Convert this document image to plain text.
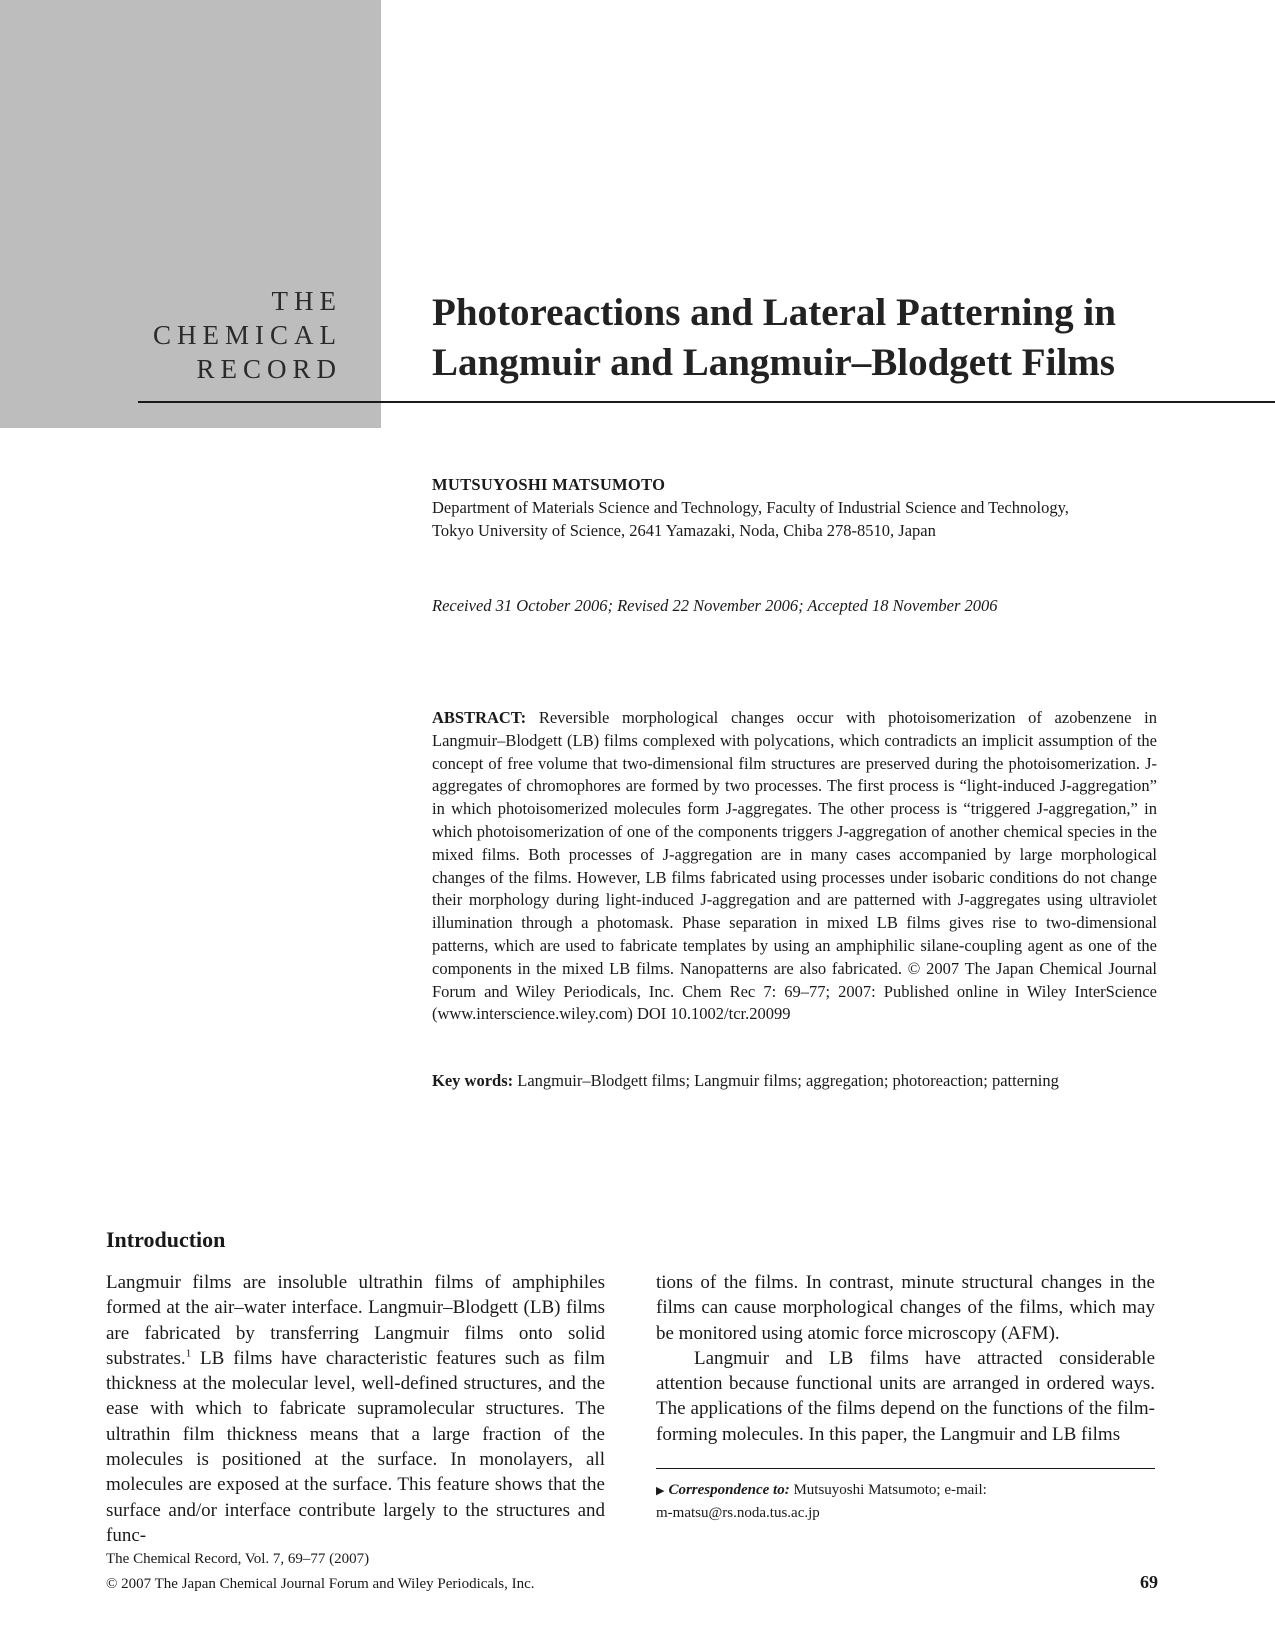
THE
CHEMICAL
RECORD
Photoreactions and Lateral Patterning in
Langmuir and Langmuir–Blodgett Films
MUTSUYOSHI MATSUMOTO
Department of Materials Science and Technology, Faculty of Industrial Science and Technology,
Tokyo University of Science, 2641 Yamazaki, Noda, Chiba 278-8510, Japan
Received 31 October 2006; Revised 22 November 2006; Accepted 18 November 2006

ABSTRACT: Reversible morphological changes occur with photoisomerization of azobenzene in Langmuir–Blodgett (LB) films complexed with polycations, which contradicts an implicit assumption of the concept of free volume that two-dimensional film structures are preserved during the photoisomerization. J-aggregates of chromophores are formed by two processes. The first process is “light-induced J-aggregation” in which photoisomerized molecules form J-aggregates. The other process is “triggered J-aggregation,” in which photoisomerization of one of the components triggers J-aggregation of another chemical species in the mixed films. Both processes of J-aggregation are in many cases accompanied by large morphological changes of the films. However, LB films fabricated using processes under isobaric conditions do not change their morphology during light-induced J-aggregation and are patterned with J-aggregates using ultraviolet illumination through a photomask. Phase separation in mixed LB films gives rise to two-dimensional patterns, which are used to fabricate templates by using an amphiphilic silane-coupling agent as one of the components in the mixed LB films. Nanopatterns are also fabricated. © 2007 The Japan Chemical Journal Forum and Wiley Periodicals, Inc. Chem Rec 7: 69–77; 2007: Published online in Wiley InterScience (www.interscience.wiley.com) DOI 10.1002/tcr.20099

Key words: Langmuir–Blodgett films; Langmuir films; aggregation; photoreaction; patterning
Introduction

Langmuir films are insoluble ultrathin films of amphiphiles formed at the air–water interface. Langmuir–Blodgett (LB) films are fabricated by transferring Langmuir films onto solid substrates.$^1$ LB films have characteristic features such as film thickness at the molecular level, well-defined structures, and the ease with which to fabricate supramolecular structures. The ultrathin film thickness means that a large fraction of the molecules is positioned at the surface. In monolayers, all molecules are exposed at the surface. This feature shows that the surface and/or interface contribute largely to the structures and func-

tions of the films. In contrast, minute structural changes in the films can cause morphological changes of the films, which may be monitored using atomic force microscopy (AFM).

Langmuir and LB films have attracted considerable attention because functional units are arranged in ordered ways. The applications of the films depend on the functions of the film-forming molecules. In this paper, the Langmuir and LB films

▶ Correspondence to: Mutsuyoshi Matsumoto; e-mail:
m-matsu@rs.noda.tus.ac.jp
The Chemical Record, Vol. 7, 69–77 (2007)
© 2007 The Japan Chemical Journal Forum and Wiley Periodicals, Inc.	69
